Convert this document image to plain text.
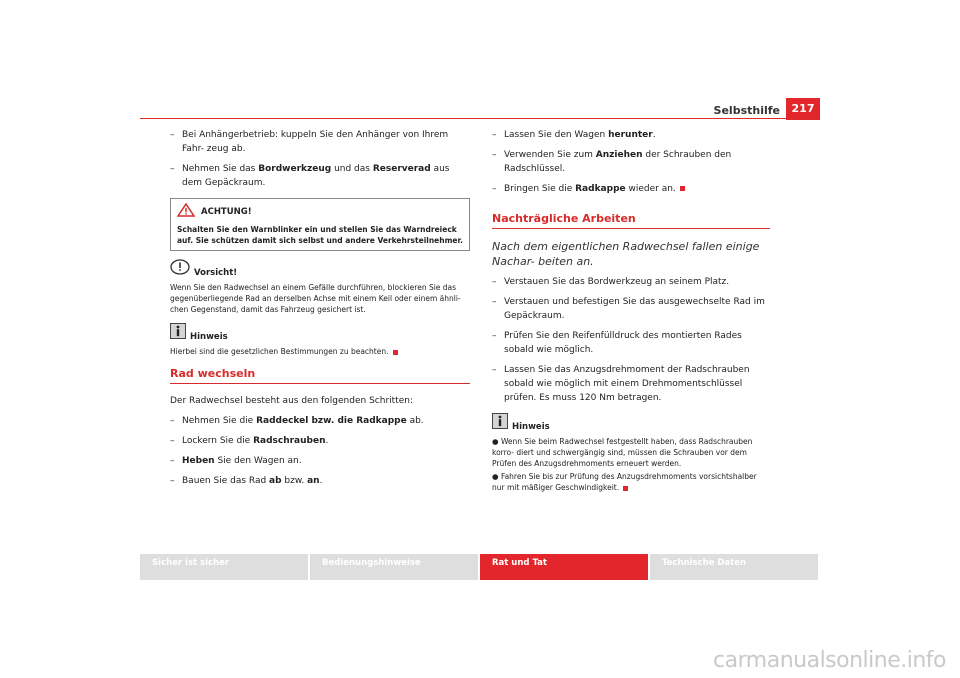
Selbsthilfe	217
– Bei Anhängerbetrieb: kuppeln Sie den Anhänger von Ihrem Fahr- zeug ab.
– Nehmen Sie das Bordwerkzeug und das Reserverad aus dem Gepäckraum.
ACHTUNG!
Schalten Sie den Warnblinker ein und stellen Sie das Warndreieck auf. Sie schützen damit sich selbst und andere Verkehrsteilnehmer.
Vorsicht!
Wenn Sie den Radwechsel an einem Gefälle durchführen, blockieren Sie das gegenüberliegende Rad an derselben Achse mit einem Keil oder einem ähnli- chen Gegenstand, damit das Fahrzeug gesichert ist.
Hinweis
Hierbei sind die gesetzlichen Bestimmungen zu beachten.
Rad wechseln
Der Radwechsel besteht aus den folgenden Schritten:
– Nehmen Sie die Raddeckel bzw. die Radkappe ab.
– Lockern Sie die Radschrauben.
– Heben Sie den Wagen an.
– Bauen Sie das Rad ab bzw. an.
– Lassen Sie den Wagen herunter.
– Verwenden Sie zum Anziehen der Schrauben den Radschlüssel.
– Bringen Sie die Radkappe wieder an.
Nachträgliche Arbeiten
Nach dem eigentlichen Radwechsel fallen einige Nachar- beiten an.
– Verstauen Sie das Bordwerkzeug an seinem Platz.
– Verstauen und befestigen Sie das ausgewechselte Rad im Gepäckraum.
– Prüfen Sie den Reifenfülldruck des montierten Rades sobald wie möglich.
– Lassen Sie das Anzugsdrehmoment der Radschrauben sobald wie möglich mit einem Drehmomentschlüssel prüfen. Es muss 120 Nm betragen.
Hinweis
● Wenn Sie beim Radwechsel festgestellt haben, dass Radschrauben korro- diert und schwergängig sind, müssen die Schrauben vor dem Prüfen des Anzugsdrehmoments erneuert werden.
● Fahren Sie bis zur Prüfung des Anzugsdrehmoments vorsichtshalber nur mit mäßiger Geschwindigkeit.
Sicher ist sicher	Bedienungshinweise	Rat und Tat	Technische Daten
carmanualsonline.info
